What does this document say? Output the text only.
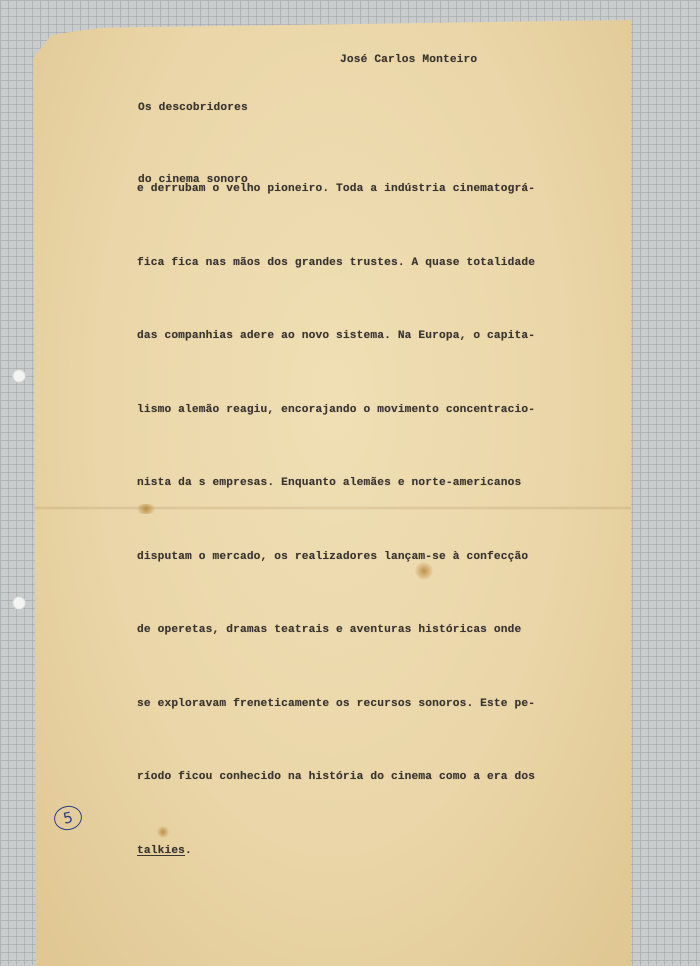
Os descobridores

do cinema sonoro

José Carlos Monteiro

e derrubam o velho pioneiro. Toda a indústria cinematográ-

fica fica nas mãos dos grandes trustes. A quase totalidade

das companhias adere ao novo sistema. Na Europa, o capita-

lismo alemão reagiu, encorajando o movimento concentracio-

nista da s empresas. Enquanto alemães e norte-americanos

disputam o mercado, os realizadores lançam-se à confecção

de operetas, dramas teatrais e aventuras históricas onde

se exploravam freneticamente os recursos sonoros. Este pe-

ríodo ficou conhecido na história do cinema como a era dos

talkies.

5
